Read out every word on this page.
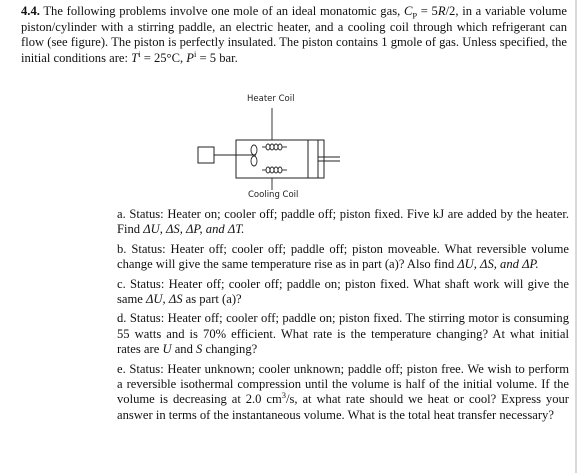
4.4. The following problems involve one mole of an ideal monatomic gas, $C_P = 5R/2$, in a variable volume piston/cylinder with a stirring paddle, an electric heater, and a cooling coil through which refrigerant can flow (see figure). The piston is perfectly insulated. The piston contains 1 gmole of gas. Unless specified, the initial conditions are: $T^i = 25^\circ C$, $P^i = 5$ bar.
Heater Coil
Cooling Coil

a. Status: Heater on; cooler off; paddle off; piston fixed. Five kJ are added by the heater. Find ΔU, ΔS, ΔP, and ΔT.

b. Status: Heater off; cooler off; paddle off; piston moveable. What reversible volume change will give the same temperature rise as in part (a)? Also find ΔU, ΔS, and ΔP.

c. Status: Heater off; cooler off; paddle on; piston fixed. What shaft work will give the same ΔU, ΔS as part (a)?

d. Status: Heater off; cooler off; paddle on; piston fixed. The stirring motor is consuming 55 watts and is 70% efficient. What rate is the temperature changing? At what initial rates are U and S changing?

e. Status: Heater unknown; cooler unknown; paddle off; piston free. We wish to perform a reversible isothermal compression until the volume is half of the initial volume. If the volume is decreasing at 2.0 $cm^3/s$, at what rate should we heat or cool? Express your answer in terms of the instantaneous volume. What is the total heat transfer necessary?
